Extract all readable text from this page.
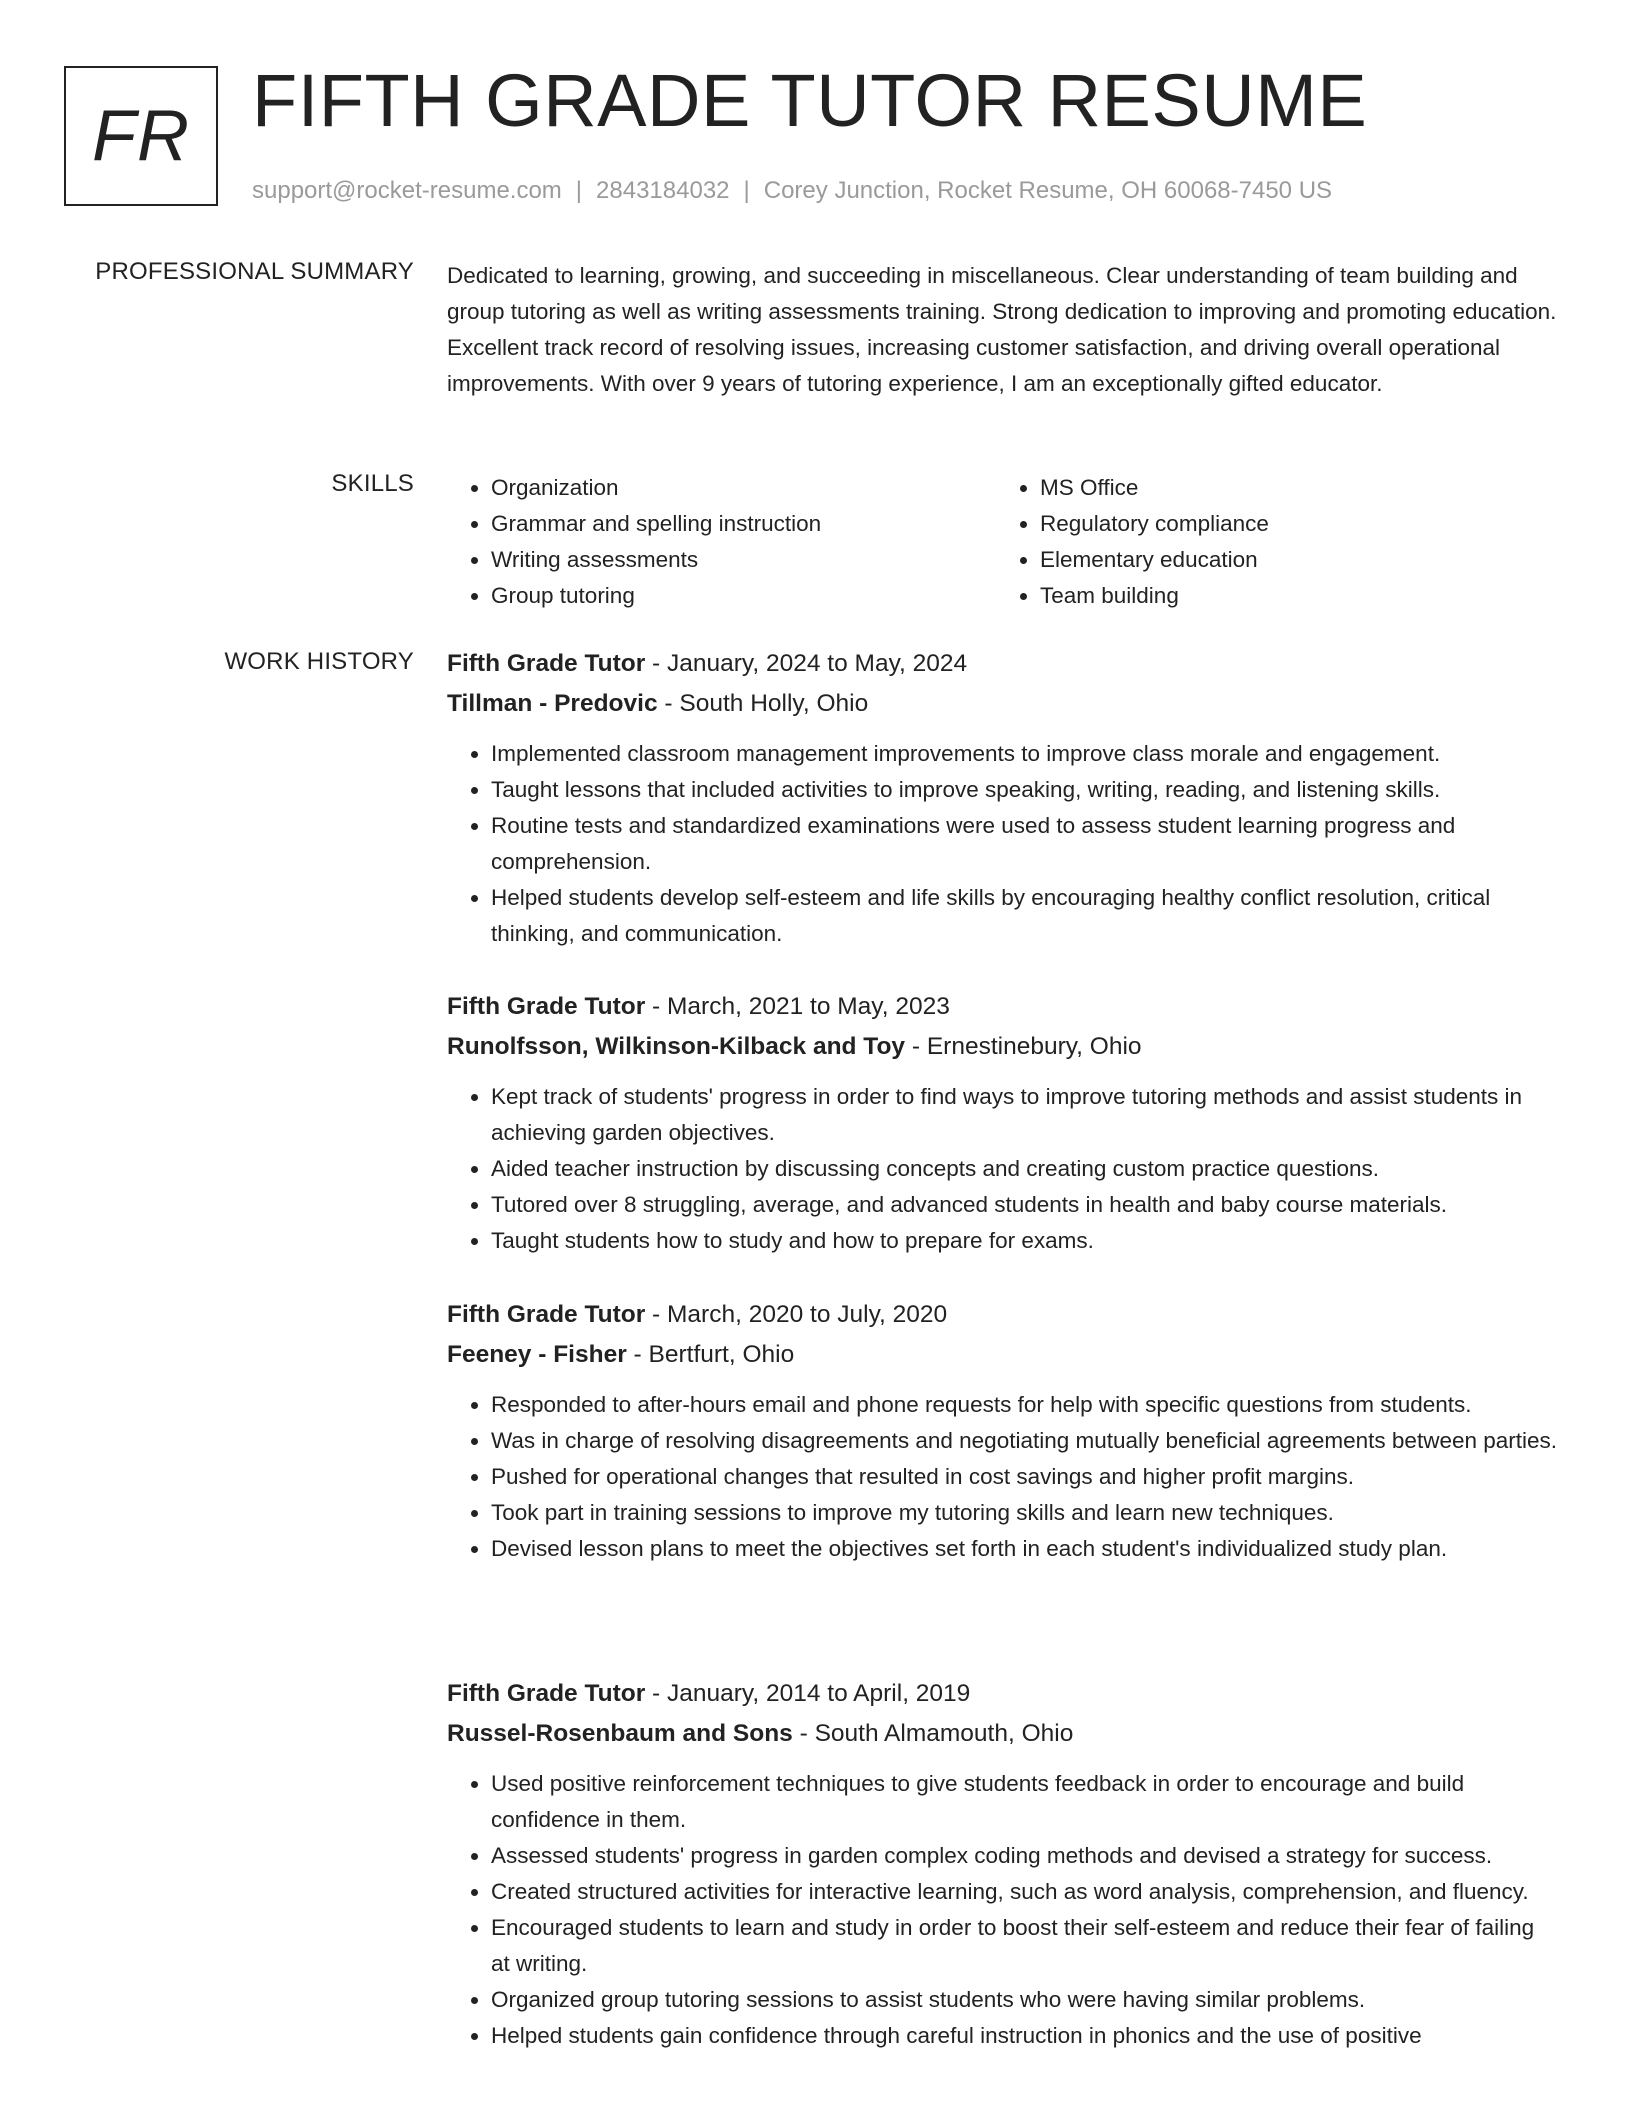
FR FIFTH GRADE TUTOR RESUME
support@rocket-resume.com | 2843184032 | Corey Junction, Rocket Resume, OH 60068-7450 US
PROFESSIONAL SUMMARY Dedicated to learning, growing, and succeeding in miscellaneous. Clear understanding of team building and group tutoring as well as writing assessments training. Strong dedication to improving and promoting education. Excellent track record of resolving issues, increasing customer satisfaction, and driving overall operational improvements. With over 9 years of tutoring experience, I am an exceptionally gifted educator.

SKILLS
•	Organization
• Grammar and spelling instruction
• Writing assessments
• Group tutoring
• MS Office
• Regulatory compliance
• Elementary education
• Team building
WORK HISTORY Fifth Grade Tutor - January, 2024 to May, 2024
Tillman - Predovic - South Holly, Ohio
• Implemented classroom management improvements to improve class morale and engagement.
• Taught lessons that included activities to improve speaking, writing, reading, and listening skills.
• Routine tests and standardized examinations were used to assess student learning progress and comprehension.
• Helped students develop self-esteem and life skills by encouraging healthy conflict resolution, critical thinking, and communication.
Fifth Grade Tutor - March, 2021 to May, 2023
Runolfsson, Wilkinson-Kilback and Toy - Ernestinebury, Ohio
• Kept track of students' progress in order to find ways to improve tutoring methods and assist students in achieving garden objectives.
• Aided teacher instruction by discussing concepts and creating custom practice questions.
• Tutored over 8 struggling, average, and advanced students in health and baby course materials.
• Taught students how to study and how to prepare for exams.
Fifth Grade Tutor - March, 2020 to July, 2020
Feeney - Fisher - Bertfurt, Ohio
• Responded to after-hours email and phone requests for help with specific questions from students.
• Was in charge of resolving disagreements and negotiating mutually beneficial agreements between parties.
• Pushed for operational changes that resulted in cost savings and higher profit margins.
• Took part in training sessions to improve my tutoring skills and learn new techniques.
• Devised lesson plans to meet the objectives set forth in each student's individualized study plan.
Fifth Grade Tutor - January, 2014 to April, 2019
Russel-Rosenbaum and Sons - South Almamouth, Ohio
• Used positive reinforcement techniques to give students feedback in order to encourage and build confidence in them.
• Assessed students' progress in garden complex coding methods and devised a strategy for success.
• Created structured activities for interactive learning, such as word analysis, comprehension, and fluency.
• Encouraged students to learn and study in order to boost their self-esteem and reduce their fear of failing at writing.
• Organized group tutoring sessions to assist students who were having similar problems.
• Helped students gain confidence through careful instruction in phonics and the use of positive
